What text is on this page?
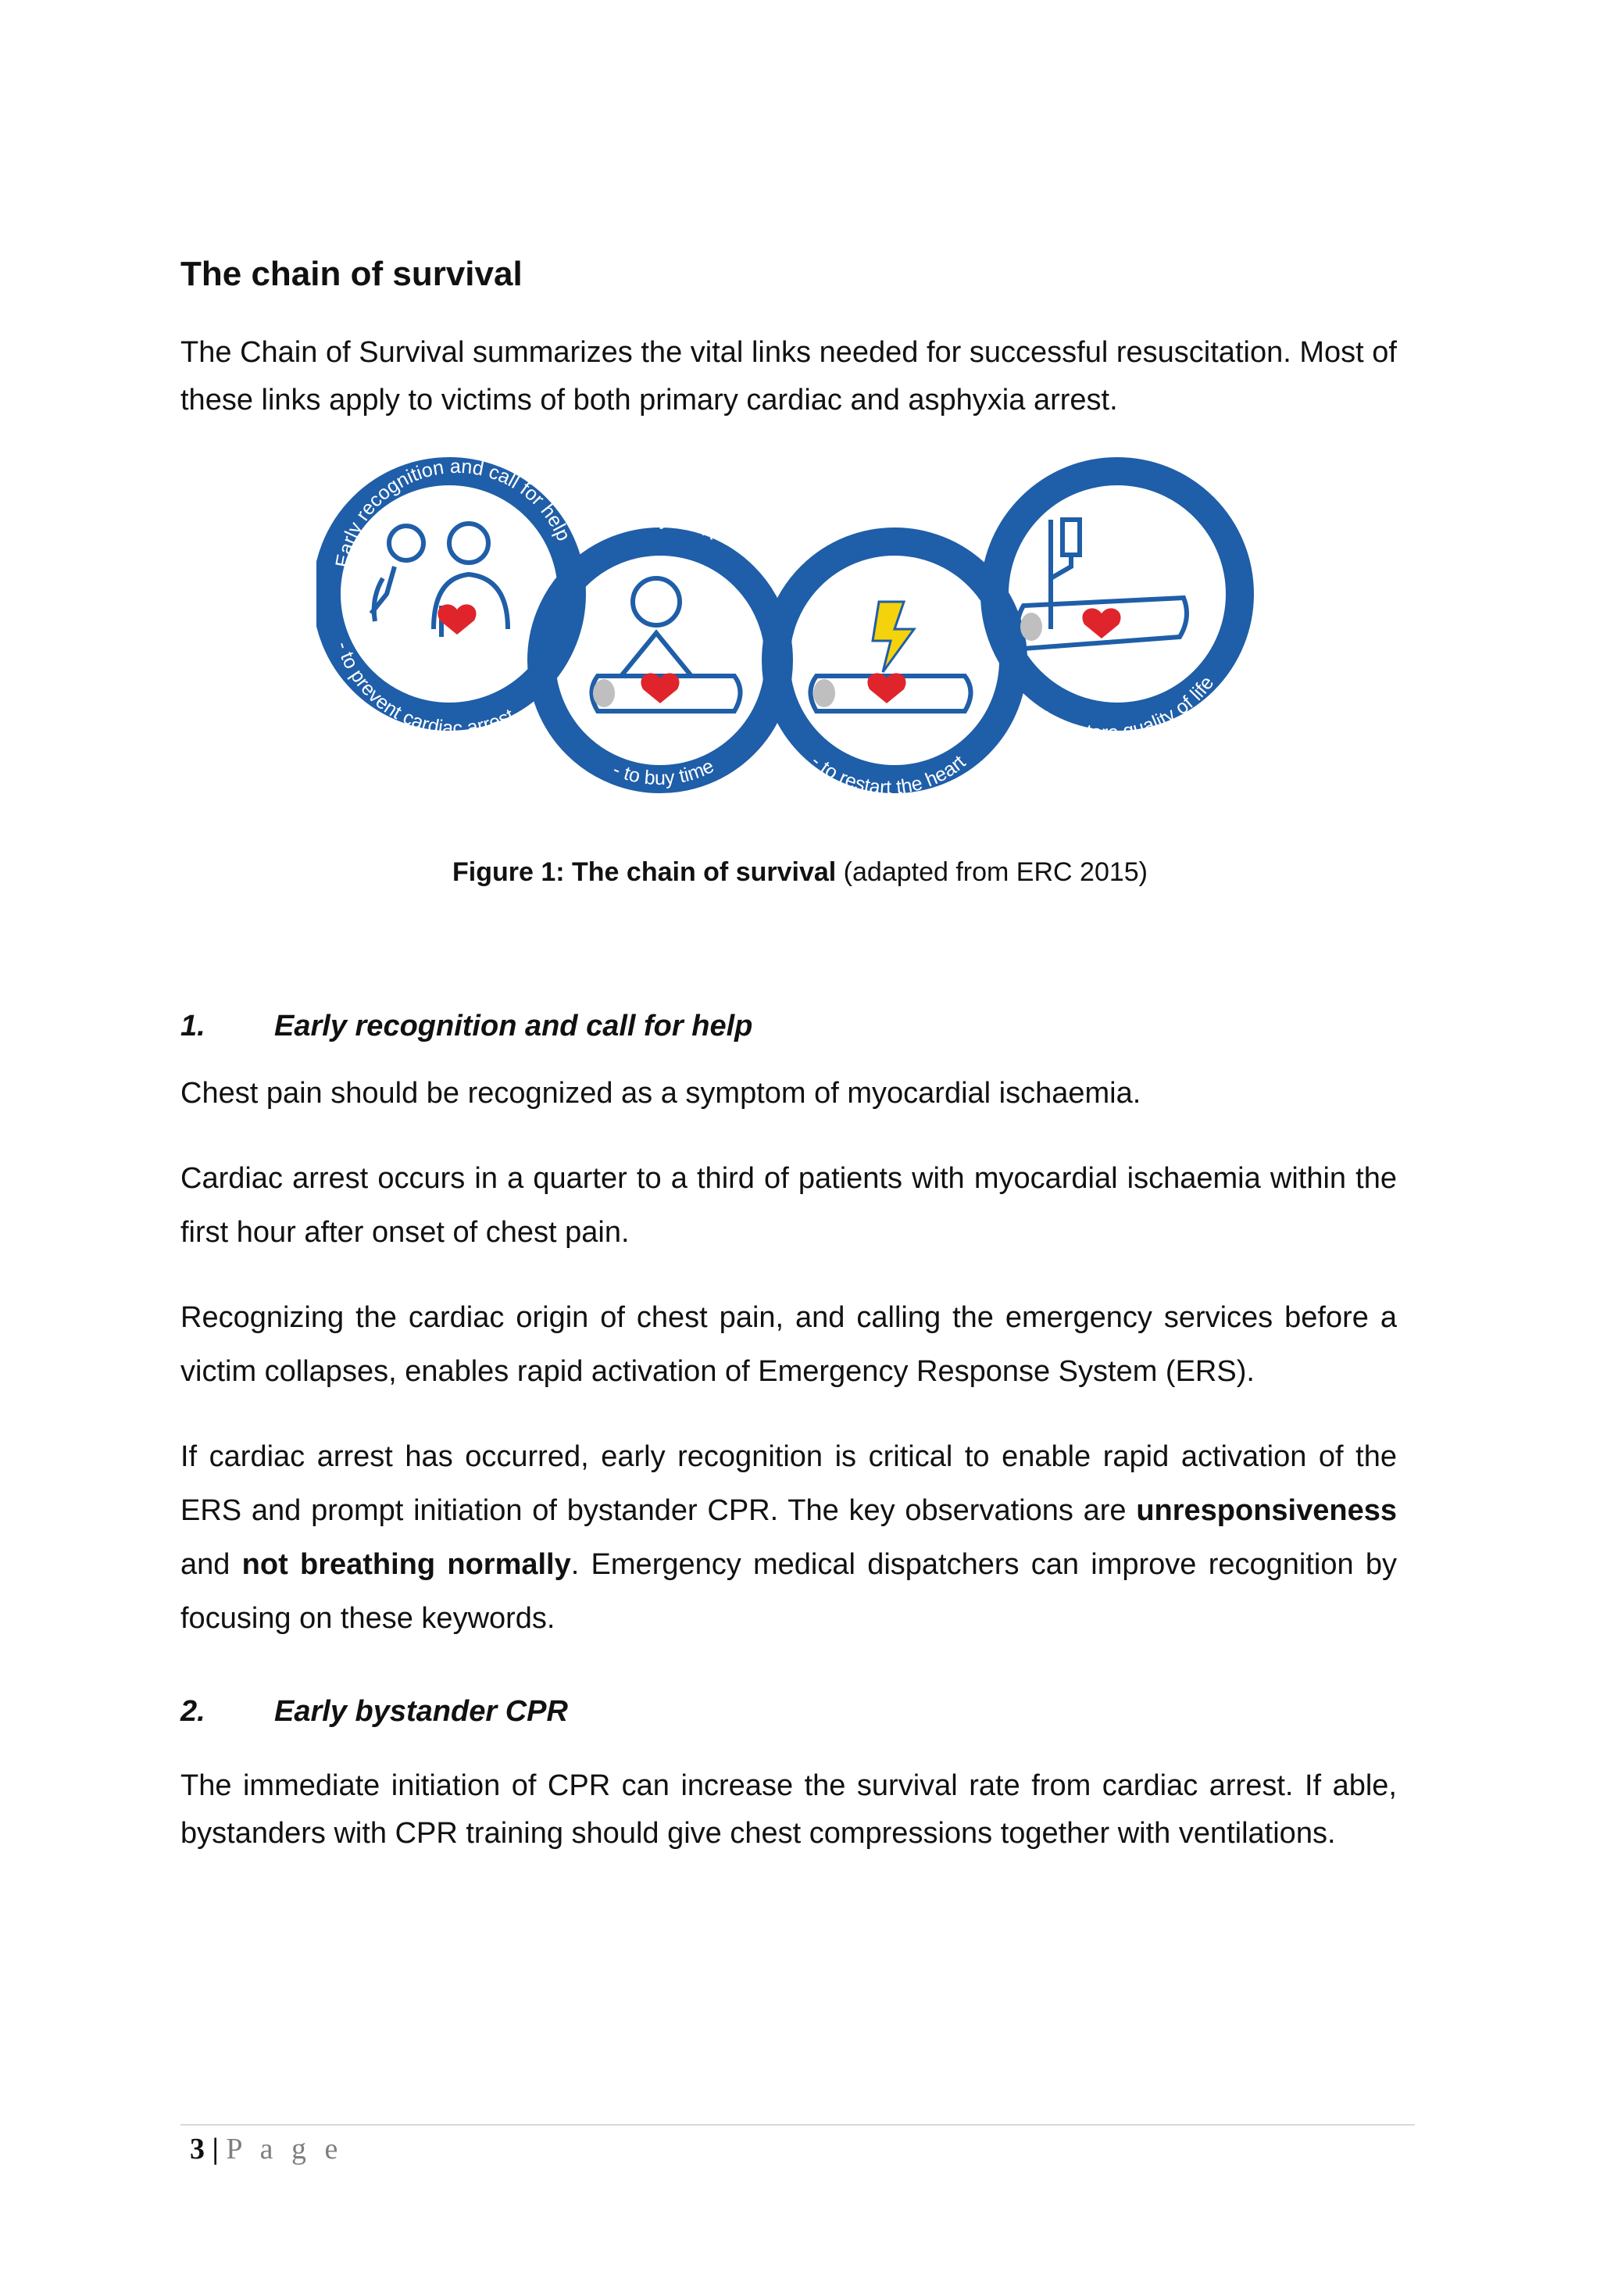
The chain of survival

The Chain of Survival summarizes the vital links needed for successful resuscitation. Most of these links apply to victims of both primary cardiac and asphyxia arrest.

Early recognition and call for help
- to prevent cardiac arrest
Early CPR
- to buy time
Early Defibrillation
- to restart the heart
Post resus n care
- to restore quality of life
Figure 1: The chain of survival (adapted from ERC 2015)
1. Early recognition and call for help

Chest pain should be recognized as a symptom of myocardial ischaemia.

Cardiac arrest occurs in a quarter to a third of patients with myocardial ischaemia within the first hour after onset of chest pain.

Recognizing the cardiac origin of chest pain, and calling the emergency services before a victim collapses, enables rapid activation of Emergency Response System (ERS).

If cardiac arrest has occurred, early recognition is critical to enable rapid activation of the ERS and prompt initiation of bystander CPR. The key observations are unresponsiveness and not breathing normally. Emergency medical dispatchers can improve recognition by focusing on these keywords.

2. Early bystander CPR

The immediate initiation of CPR can increase the survival rate from cardiac arrest. If able, bystanders with CPR training should give chest compressions together with ventilations.

3 | P a g e
